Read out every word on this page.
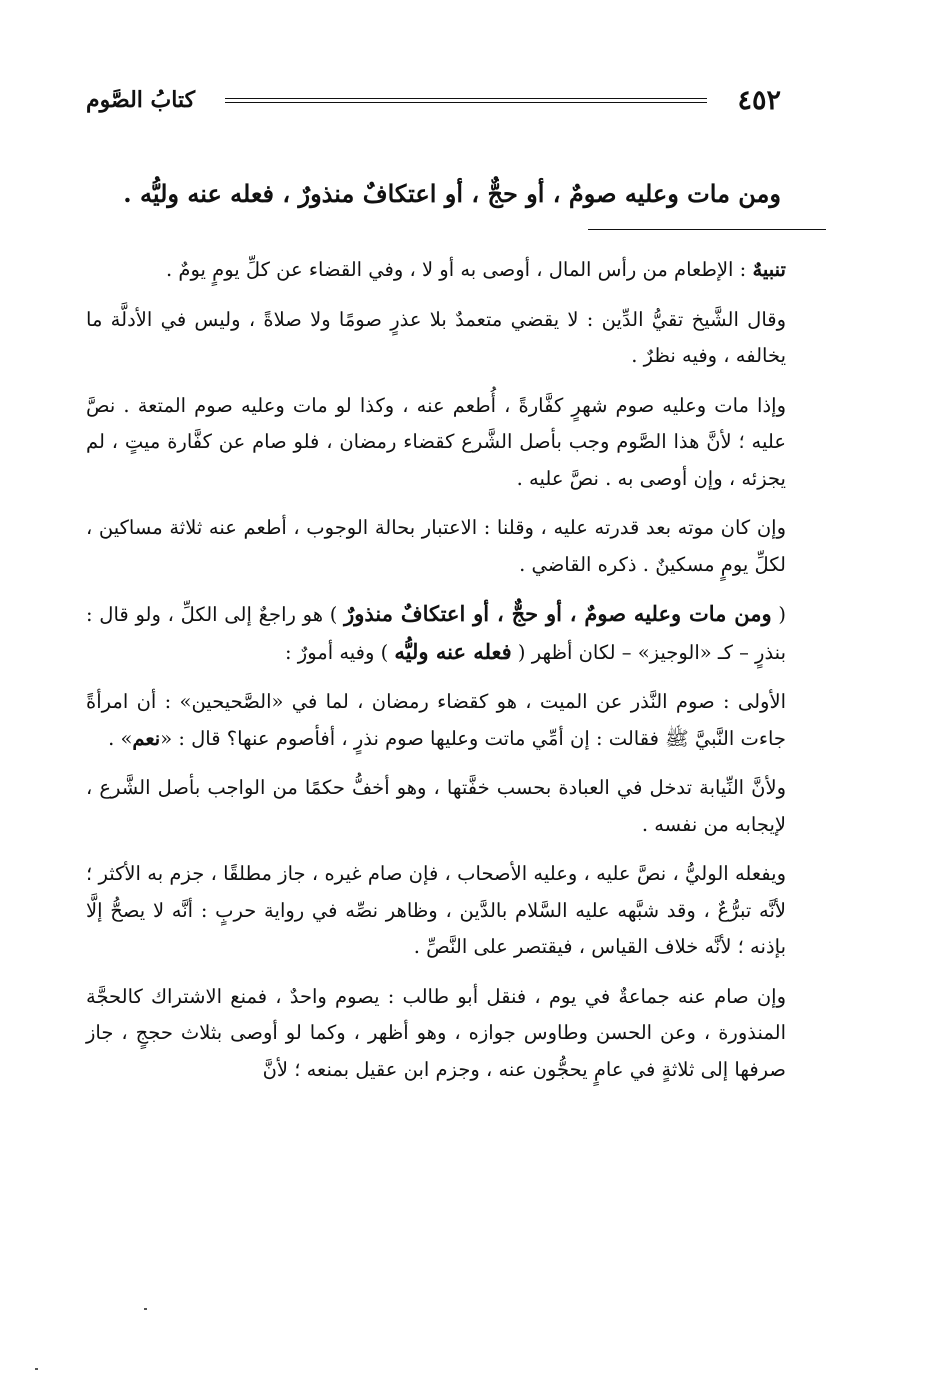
٤٥٢
كتابُ الصَّوم
ومن مات وعليه صومٌ ، أو حجٌّ ، أو اعتكافٌ منذورٌ ، فعله عنه وليُّه .

تنبيهٌ : الإطعام من رأس المال ، أوصى به أو لا ، وفي القضاء عن كلِّ يومٍ يومٌ .

وقال الشَّيخ تقيُّ الدِّين : لا يقضي متعمدٌ بلا عذرٍ صومًا ولا صلاةً ، وليس في الأدلَّة ما يخالفه ، وفيه نظرٌ .

وإذا مات وعليه صوم شهرٍ كفَّارةً ، أُطعم عنه ، وكذا لو مات وعليه صوم المتعة . نصَّ عليه ؛ لأنَّ هذا الصَّوم وجب بأصل الشَّرع كقضاء رمضان ، فلو صام عن كفَّارة ميتٍ ، لم يجزئه ، وإن أوصى به . نصَّ عليه .

وإن كان موته بعد قدرته عليه ، وقلنا : الاعتبار بحالة الوجوب ، أطعم عنه ثلاثة مساكين ، لكلِّ يومٍ مسكينٌ . ذكره القاضي .

( ومن مات وعليه صومٌ ، أو حجٌّ ، أو اعتكافٌ منذورٌ ) هو راجعٌ إلى الكلِّ ، ولو قال : بنذرٍ – كـ «الوجيز» – لكان أظهر ( فعله عنه وليُّه ) وفيه أمورٌ :

الأولى : صوم النَّذر عن الميت ، هو كقضاء رمضان ، لما في «الصَّحيحين» : أن امرأةً جاءت النَّبيَّ ﷺ فقالت : إن أمِّي ماتت وعليها صوم نذرٍ ، أفأصوم عنها؟ قال : «نعم» .

ولأنَّ النِّيابة تدخل في العبادة بحسب خفَّتها ، وهو أخفُّ حكمًا من الواجب بأصل الشَّرع ، لإيجابه من نفسه .

ويفعله الوليُّ ، نصَّ عليه ، وعليه الأصحاب ، فإن صام غيره ، جاز مطلقًا ، جزم به الأكثر ؛ لأنَّه تبرُّعٌ ، وقد شبَّهه عليه السَّلام بالدَّين ، وظاهر نصِّه في رواية حربٍ : أنَّه لا يصحُّ إلَّا بإذنه ؛ لأنَّه خلاف القياس ، فيقتصر على النَّصِّ .

وإن صام عنه جماعةٌ في يوم ، فنقل أبو طالب : يصوم واحدٌ ، فمنع الاشتراك كالحجَّة المنذورة ، وعن الحسن وطاوس جوازه ، وهو أظهر ، وكما لو أوصى بثلاث حججٍ ، جاز صرفها إلى ثلاثةٍ في عامٍ يحجُّون عنه ، وجزم ابن عقيل بمنعه ؛ لأنَّ
